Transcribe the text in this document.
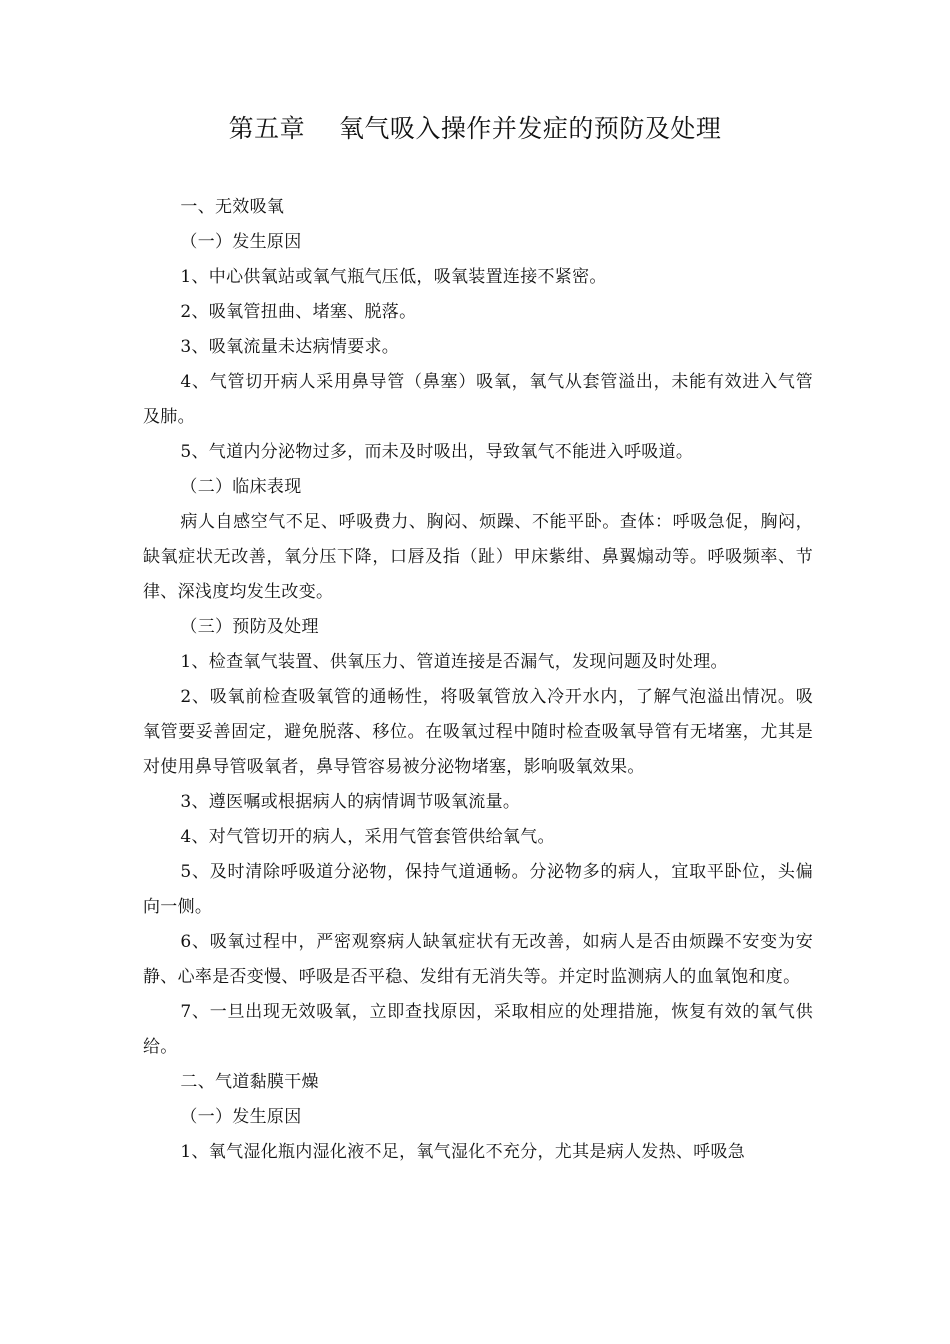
第五章    氧气吸入操作并发症的预防及处理

一、无效吸氧

（一）发生原因

1、中心供氧站或氧气瓶气压低，吸氧装置连接不紧密。

2、吸氧管扭曲、堵塞、脱落。

3、吸氧流量未达病情要求。

4、气管切开病人采用鼻导管（鼻塞）吸氧，氧气从套管溢出，未能有效进入气管及肺。

5、气道内分泌物过多，而未及时吸出，导致氧气不能进入呼吸道。

（二）临床表现

病人自感空气不足、呼吸费力、胸闷、烦躁、不能平卧。查体：呼吸急促，胸闷，缺氧症状无改善，氧分压下降，口唇及指（趾）甲床紫绀、鼻翼煽动等。呼吸频率、节律、深浅度均发生改变。

（三）预防及处理

1、检查氧气装置、供氧压力、管道连接是否漏气，发现问题及时处理。

2、吸氧前检查吸氧管的通畅性，将吸氧管放入冷开水内，了解气泡溢出情况。吸氧管要妥善固定，避免脱落、移位。在吸氧过程中随时检查吸氧导管有无堵塞，尤其是对使用鼻导管吸氧者，鼻导管容易被分泌物堵塞，影响吸氧效果。

3、遵医嘱或根据病人的病情调节吸氧流量。

4、对气管切开的病人，采用气管套管供给氧气。

5、及时清除呼吸道分泌物，保持气道通畅。分泌物多的病人，宜取平卧位，头偏向一侧。

6、吸氧过程中，严密观察病人缺氧症状有无改善，如病人是否由烦躁不安变为安静、心率是否变慢、呼吸是否平稳、发绀有无消失等。并定时监测病人的血氧饱和度。

7、一旦出现无效吸氧，立即查找原因，采取相应的处理措施，恢复有效的氧气供给。

二、气道黏膜干燥

（一）发生原因

1、氧气湿化瓶内湿化液不足，氧气湿化不充分，尤其是病人发热、呼吸急
